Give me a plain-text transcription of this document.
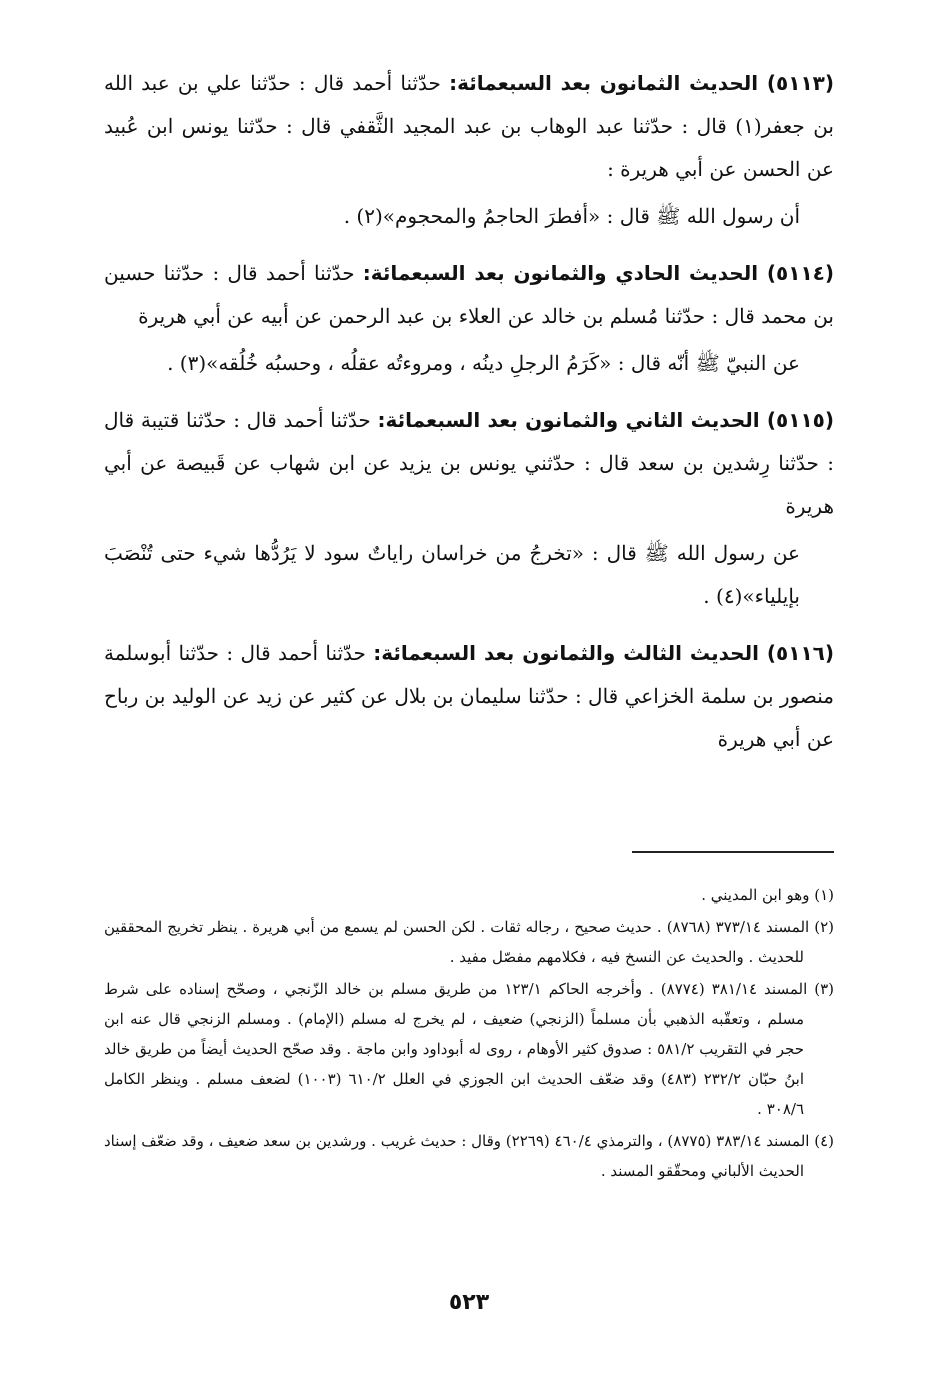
(٥١١٣) الحديث الثمانون بعد السبعمائة: حدّثنا أحمد قال : حدّثنا علي بن عبد الله بن جعفر(١) قال : حدّثنا عبد الوهاب بن عبد المجيد الثَّقفي قال : حدّثنا يونس ابن عُبيد عن الحسن عن أبي هريرة :

أن رسول الله ﷺ قال : «أفطرَ الحاجمُ والمحجوم»(٢) .

(٥١١٤) الحديث الحادي والثمانون بعد السبعمائة: حدّثنا أحمد قال : حدّثنا حسين بن محمد قال : حدّثنا مُسلم بن خالد عن العلاء بن عبد الرحمن عن أبيه عن أبي هريرة

عن النبيّ ﷺ أنّه قال : «كَرَمُ الرجلِ دينُه ، ومروءتُه عقلُه ، وحسبُه خُلُقه»(٣) .

(٥١١٥) الحديث الثاني والثمانون بعد السبعمائة: حدّثنا أحمد قال : حدّثنا قتيبة قال : حدّثنا رِشدين بن سعد قال : حدّثني يونس بن يزيد عن ابن شهاب عن قَبيصة عن أبي هريرة

عن رسول الله ﷺ قال : «تخرجُ من خراسان راياتٌ سود لا يَرُدُّها شيء حتى تُنْصَبَ بإيلياء»(٤) .

(٥١١٦) الحديث الثالث والثمانون بعد السبعمائة: حدّثنا أحمد قال : حدّثنا أبوسلمة منصور بن سلمة الخزاعي قال : حدّثنا سليمان بن بلال عن كثير عن زيد عن الوليد بن رباح عن أبي هريرة

(١) وهو ابن المديني .

(٢) المسند ٣٧٣/١٤ (٨٧٦٨) . حديث صحيح ، رجاله ثقات . لكن الحسن لم يسمع من أبي هريرة . ينظر تخريج المحققين للحديث . والحديث عن النسخ فيه ، فكلامهم مفصّل مفيد .

(٣) المسند ٣٨١/١٤ (٨٧٧٤) . وأخرجه الحاكم ١٢٣/١ من طريق مسلم بن خالد الزّنجي ، وصحّح إسناده على شرط مسلم ، وتعقّبه الذهبي بأن مسلماً (الزنجي) ضعيف ، لم يخرج له مسلم (الإمام) . ومسلم الزنجي قال عنه ابن حجر في التقريب ٥٨١/٢ : صدوق كثير الأوهام ، روى له أبوداود وابن ماجة . وقد صحّح الحديث أيضاً من طريق خالد ابنُ حبّان ٢٣٢/٢ (٤٨٣) وقد ضعّف الحديث ابن الجوزي في العلل ٦١٠/٢ (١٠٠٣) لضعف مسلم . وينظر الكامل ٣٠٨/٦ .

(٤) المسند ٣٨٣/١٤ (٨٧٧٥) ، والترمذي ٤٦٠/٤ (٢٢٦٩) وقال : حديث غريب . ورشدين بن سعد ضعيف ، وقد ضعّف إسناد الحديث الألباني ومحقّقو المسند .

٥٢٣
